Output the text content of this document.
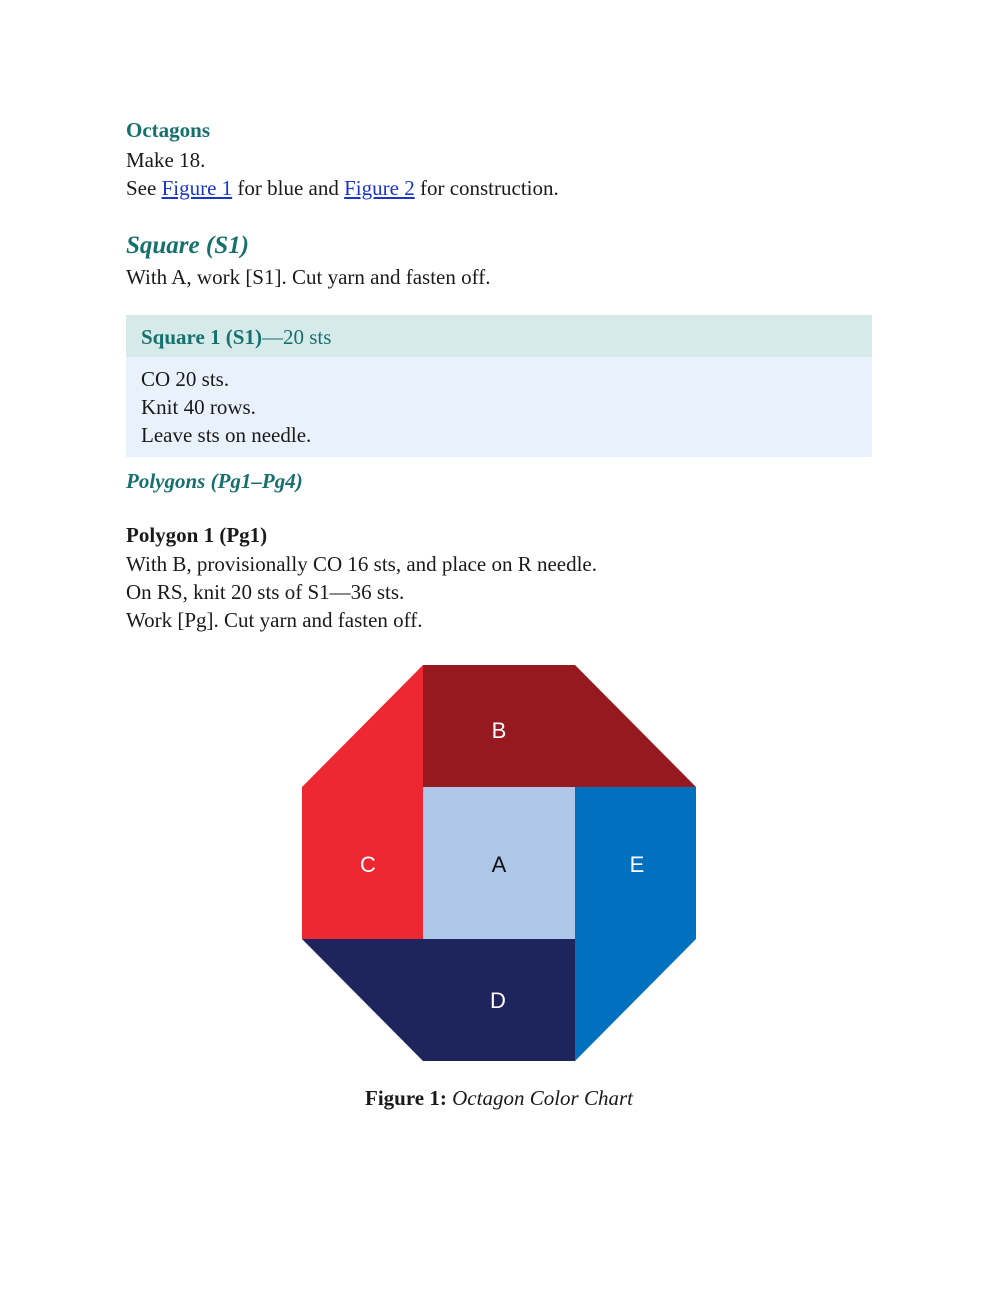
Octagons

Make 18.

See Figure 1 for blue and Figure 2 for construction.

Square (S1)

With A, work [S1]. Cut yarn and fasten off.

Square 1 (S1)—20 sts
CO 20 sts.
Knit 40 rows.
Leave sts on needle.
Polygons (Pg1–Pg4)

Polygon 1 (Pg1)

With B, provisionally CO 16 sts, and place on R needle.

On RS, knit 20 sts of S1—36 sts.

Work [Pg]. Cut yarn and fasten off.

B
C	A	E
D
Figure 1: Octagon Color Chart
